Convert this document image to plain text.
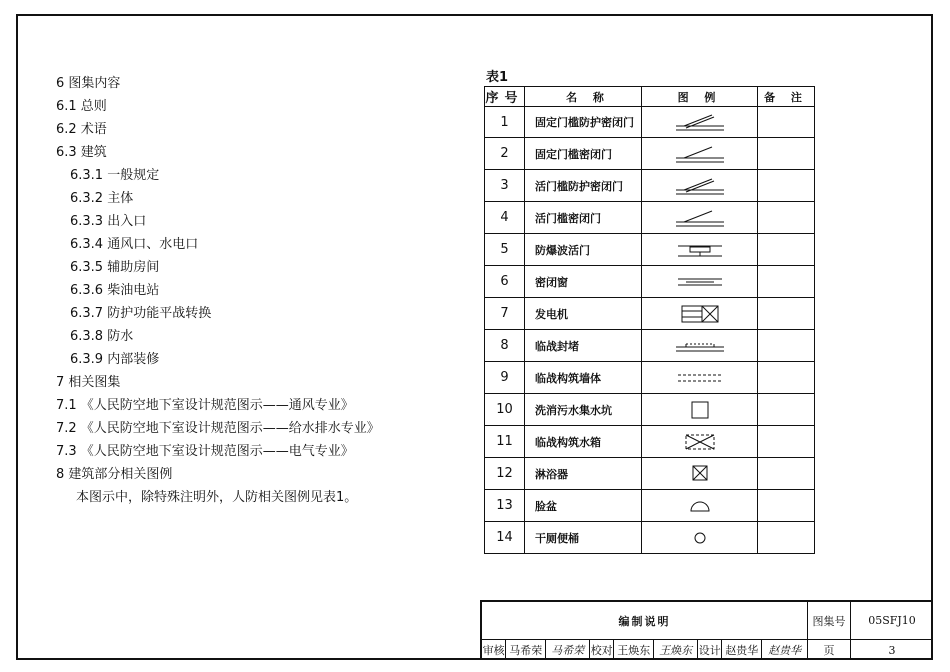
6 图集内容
6.1 总则
6.2 术语
6.3 建筑
6.3.1 一般规定
6.3.2 主体
6.3.3 出入口
6.3.4 通风口、水电口
6.3.5 辅助房间
6.3.6 柴油电站
6.3.7 防护功能平战转换
6.3.8 防水
6.3.9 内部装修
7 相关图集
7.1 《人民防空地下室设计规范图示——通风专业》
7.2 《人民防空地下室设计规范图示——给水排水专业》
7.3 《人民防空地下室设计规范图示——电气专业》
8 建筑部分相关图例
本图示中，除特殊注明外，人防相关图例见表1。
表1
序号	名 称	图 例	备 注
1	固定门槛防护密闭门	

2	固定门槛密闭门	

3	活门槛防护密闭门	

4	活门槛密闭门	

5	防爆波活门	

6	密闭窗	

7	发电机	

8	临战封堵	

9	临战构筑墙体	

10	洗消污水集水坑	

11	临战构筑水箱	

12	淋浴器	

13	脸盆	

14	干厕便桶	

编制说明	图集号	05SFJ10
审核 马希荣 马希荣 校对 王焕东 王焕东 设计 赵贵华 赵贵华	页	3
